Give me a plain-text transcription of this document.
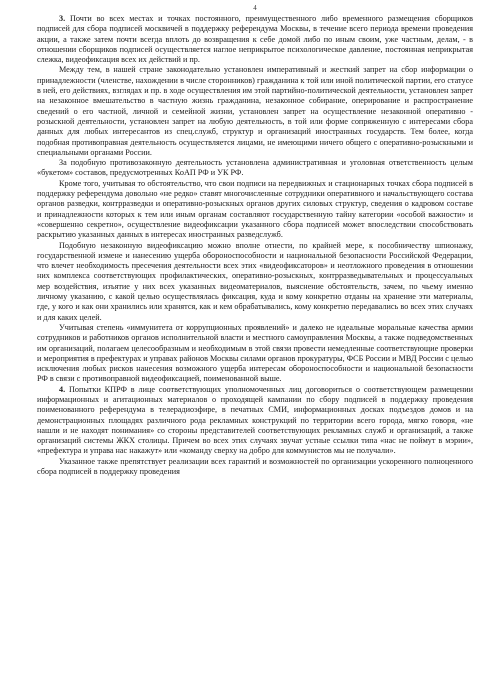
4

3. Почти во всех местах и точках постоянного, преимущественного либо временного размещения сборщиков подписей для сбора подписей москвичей в поддержку референдума Москвы, в течение всего периода времени проведения акции, а также затем почти всегда вплоть до возвращения к себе домой либо по иным своим, уже частным, делам, - в отношении сборщиков подписей осуществляется наглое неприкрытое психологическое давление, постоянная неприкрытая слежка, видеофиксация всех их действий и пр.

Между тем, в нашей стране законодательно установлен императивный и жесткий запрет на сбор информации о принадлежности (членстве, нахождении в числе сторонников) гражданина к той или иной политической партии, его статусе в ней, его действиях, взглядах и пр. в ходе осуществления им этой партийно-политической деятельности, установлен запрет на незаконное вмешательство в частную жизнь гражданина, незаконное собирание, оперирование и распространение сведений о его частной, личной и семейной жизни, установлен запрет на осуществление незаконной оперативно - розыскной деятельности, установлен запрет на любую деятельность, в той или форме сопряженную с интересами сбора данных для любых интересантов из спец.служб, структур и организаций иностранных государств. Тем более, когда подобная противоправная деятельность осуществляется лицами, не имеющими ничего общего с оперативно-розыскными и специальными органами России.

За подобную противозаконную деятельность установлена административная и уголовная ответственность целым «букетом» составов, предусмотренных КоАП РФ и УК РФ.

Кроме того, учитывая то обстоятельство, что свои подписи на передвижных и стационарных точках сбора подписей в поддержку референдума довольно «не редко» ставят многочисленные сотрудники оперативного и начальствующего состава органов разведки, контрразведки и оперативно-розыскных органов других силовых структур, сведения о кадровом составе и принадлежности которых к тем или иным органам составляют государственную тайну категории «особой важности» и «совершенно секретно», осуществление видеофиксации указанного сбора подписей может впоследствии способствовать раскрытию указанных данных в интересах иностранных разведслужб.

Подобную незаконную видеофиксацию можно вполне отнести, по крайней мере, к пособничеству шпионажу, государственной измене и нанесению ущерба обороноспособности и национальной безопасности Российской Федерации, что влечет необходимость пресечения деятельности всех этих «видеофиксаторов» и неотложного проведения в отношении них комплекса соответствующих профилактических, оперативно-розыскных, контрразведывательных и процессуальных мер воздействия, изъятие у них всех указанных видеоматериалов, выяснение обстоятельств, зачем, по чьему именно личному указанию, с какой целью осуществлялась фиксация, куда и кому конкретно отданы на хранение эти материалы, где, у кого и как они хранились или хранятся, как и кем обрабатывались, кому конкретно передавались во всех этих случаях и для каких целей.

Учитывая степень «иммунитета от коррупционных проявлений» и далеко не идеальные моральные качества армии сотрудников и работников органов исполнительной власти и местного самоуправления Москвы, а также подведомственных им организаций, полагаем целесообразным и необходимым в этой связи провести немедленные соответствующие проверки и мероприятия в префектурах и управах районов Москвы силами органов прокуратуры, ФСБ России и МВД России с целью исключения любых рисков нанесения возможного ущерба интересам обороноспособности и национальной безопасности РФ в связи с противоправной видеофиксацией, поименованной выше.

4. Попытки КПРФ в лице соответствующих уполномоченных лиц договориться о соответствующем размещении информационных и агитационных материалов о проходящей кампании по сбору подписей в поддержку проведения поименованного референдума в телерадиоэфире, в печатных СМИ, информационных досках подъездов домов и на демонстрационных площадях различного рода рекламных конструкций по территории всего города, мягко говоря, «не нашли и не находят понимания» со стороны представителей соответствующих рекламных служб и организаций, а также организаций системы ЖКХ столицы. Причем во всех этих случаях звучат устные ссылки типа «нас не поймут в мэрии», «префектура и управа нас накажут» или «команду сверху на добро для коммунистов мы не получали».

Указанное также препятствует реализации всех гарантий и возможностей по организации ускоренного полноценного сбора подписей в поддержку проведения
